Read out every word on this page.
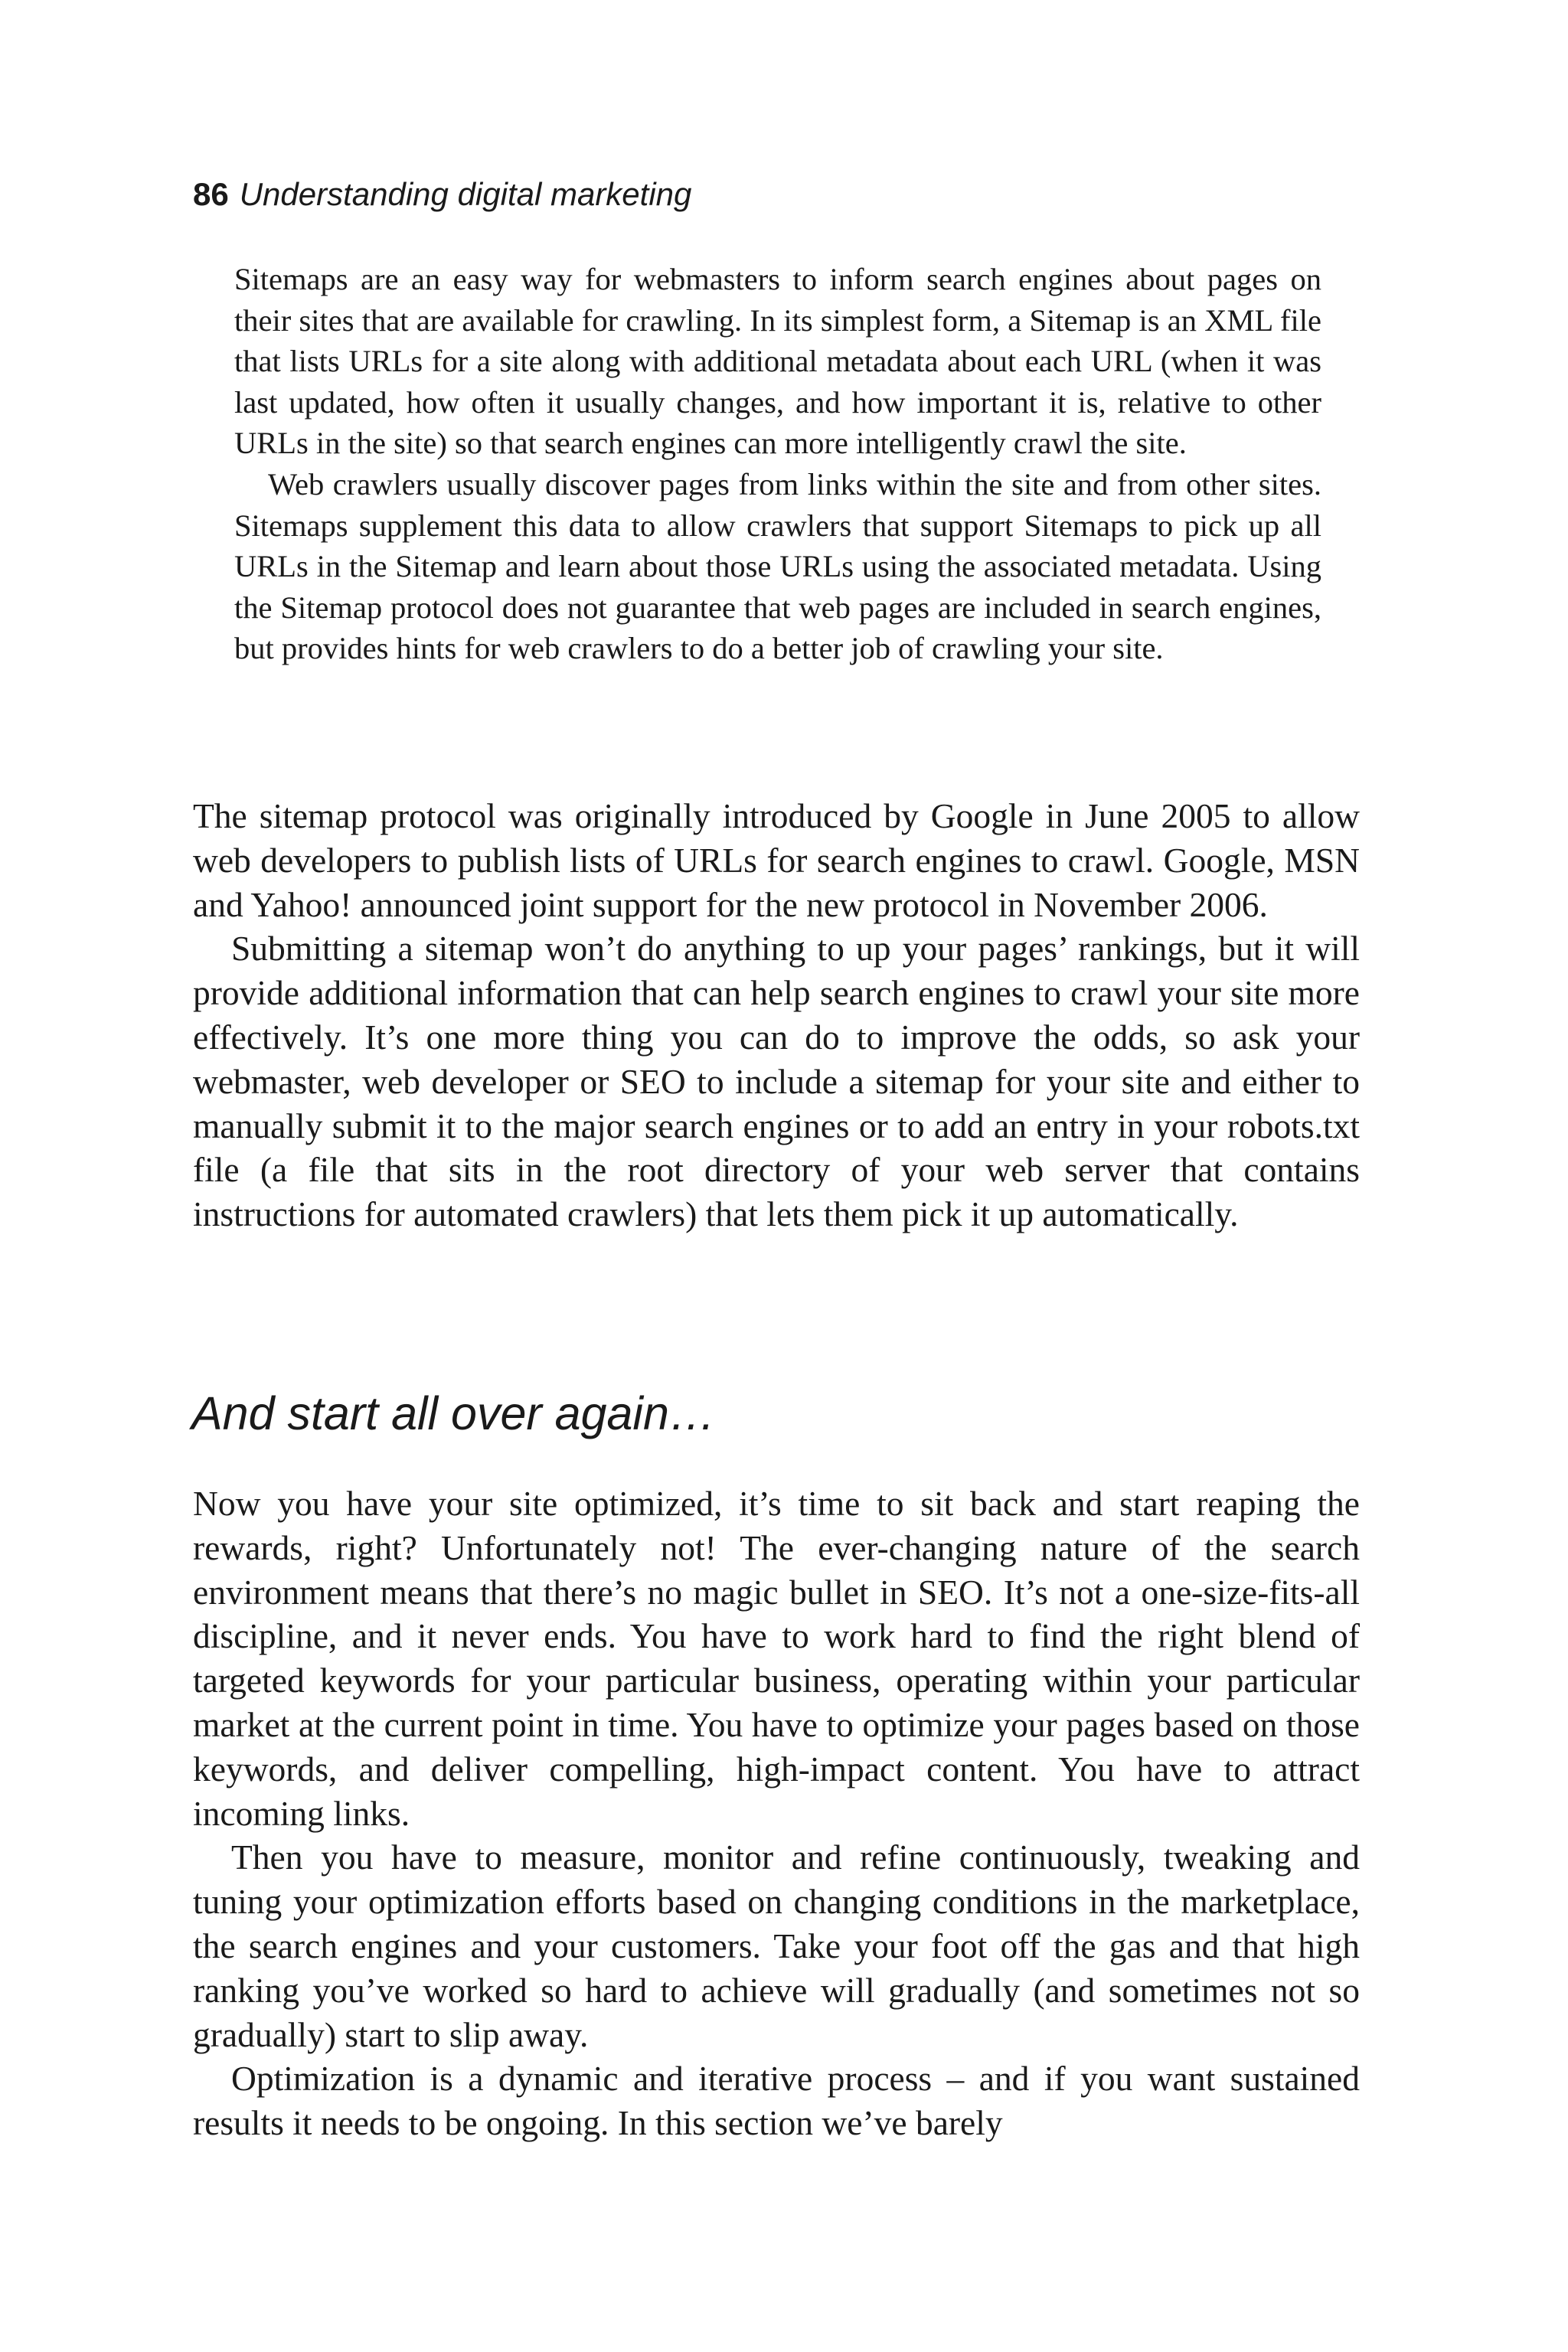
86 Understanding digital marketing

Sitemaps are an easy way for webmasters to inform search engines about pages on their sites that are available for crawling. In its simplest form, a Sitemap is an XML file that lists URLs for a site along with additional metadata about each URL (when it was last updated, how often it usually changes, and how important it is, relative to other URLs in the site) so that search engines can more intelligently crawl the site.

Web crawlers usually discover pages from links within the site and from other sites. Sitemaps supplement this data to allow crawlers that support Sitemaps to pick up all URLs in the Sitemap and learn about those URLs using the associated metadata. Using the Sitemap protocol does not guarantee that web pages are included in search engines, but provides hints for web crawlers to do a better job of crawling your site.

The sitemap protocol was originally introduced by Google in June 2005 to allow web developers to publish lists of URLs for search engines to crawl. Google, MSN and Yahoo! announced joint support for the new protocol in November 2006.

Submitting a sitemap won’t do anything to up your pages’ rankings, but it will provide additional information that can help search engines to crawl your site more effectively. It’s one more thing you can do to improve the odds, so ask your webmaster, web developer or SEO to include a sitemap for your site and either to manually submit it to the major search engines or to add an entry in your robots.txt file (a file that sits in the root directory of your web server that contains instructions for automated crawlers) that lets them pick it up automatically.

And start all over again…

Now you have your site optimized, it’s time to sit back and start reaping the rewards, right? Unfortunately not! The ever-changing nature of the search environment means that there’s no magic bullet in SEO. It’s not a one-size-fits-all discipline, and it never ends. You have to work hard to find the right blend of targeted keywords for your particular business, operating within your particular market at the current point in time. You have to optimize your pages based on those keywords, and deliver compelling, high-impact content. You have to attract incoming links.

Then you have to measure, monitor and refine continuously, tweaking and tuning your optimization efforts based on changing conditions in the marketplace, the search engines and your customers. Take your foot off the gas and that high ranking you’ve worked so hard to achieve will gradually (and sometimes not so gradually) start to slip away.

Optimization is a dynamic and iterative process – and if you want sustained results it needs to be ongoing. In this section we’ve barely
